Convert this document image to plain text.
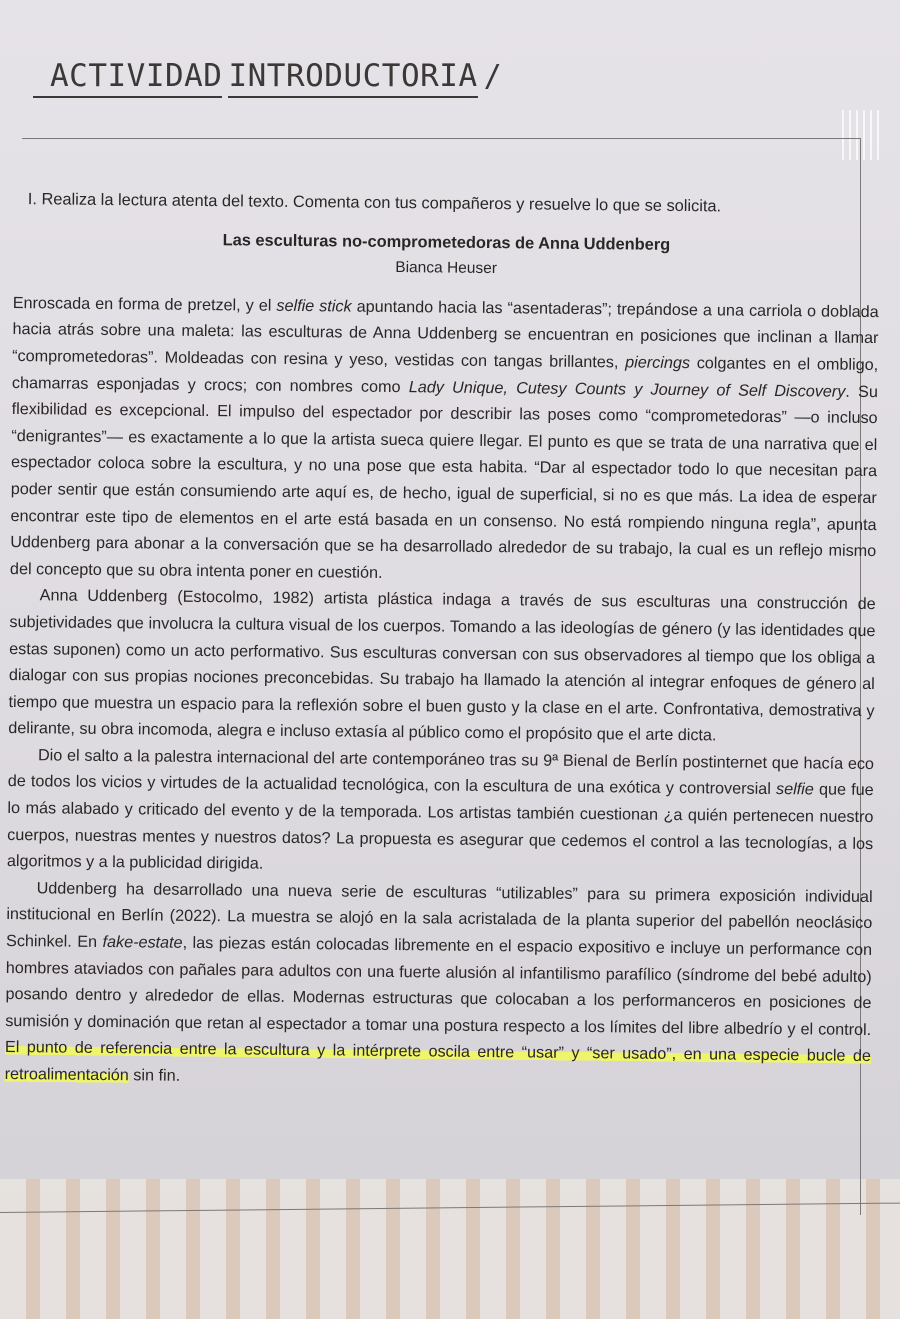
ACTIVIDAD INTRODUCTORIA /

I. Realiza la lectura atenta del texto. Comenta con tus compañeros y resuelve lo que se solicita.

Las esculturas no-comprometedoras de Anna Uddenberg

Bianca Heuser

Enroscada en forma de pretzel, y el selfie stick apuntando hacia las “asentaderas”; trepándose a una carriola o doblada hacia atrás sobre una maleta: las esculturas de Anna Uddenberg se encuentran en posiciones que inclinan a llamar “comprometedoras”. Moldeadas con resina y yeso, vestidas con tangas brillantes, piercings colgantes en el ombligo, chamarras esponjadas y crocs; con nombres como Lady Unique, Cutesy Counts y Journey of Self Discovery. Su flexibilidad es excepcional. El impulso del espectador por describir las poses como “comprometedoras” —o incluso “denigrantes”— es exactamente a lo que la artista sueca quiere llegar. El punto es que se trata de una narrativa que el espectador coloca sobre la escultura, y no una pose que esta habita. “Dar al espectador todo lo que necesitan para poder sentir que están consumiendo arte aquí es, de hecho, igual de superficial, si no es que más. La idea de esperar encontrar este tipo de elementos en el arte está basada en un consenso. No está rompiendo ninguna regla”, apunta Uddenberg para abonar a la conversación que se ha desarrollado alrededor de su trabajo, la cual es un reflejo mismo del concepto que su obra intenta poner en cuestión.

Anna Uddenberg (Estocolmo, 1982) artista plástica indaga a través de sus esculturas una construcción de subjetividades que involucra la cultura visual de los cuerpos. Tomando a las ideologías de género (y las identidades que estas suponen) como un acto performativo. Sus esculturas conversan con sus observadores al tiempo que los obliga a dialogar con sus propias nociones preconcebidas. Su trabajo ha llamado la atención al integrar enfoques de género al tiempo que muestra un espacio para la reflexión sobre el buen gusto y la clase en el arte. Confrontativa, demostrativa y delirante, su obra incomoda, alegra e incluso extasía al público como el propósito que el arte dicta.

Dio el salto a la palestra internacional del arte contemporáneo tras su 9ª Bienal de Berlín postinternet que hacía eco de todos los vicios y virtudes de la actualidad tecnológica, con la escultura de una exótica y controversial selfie que fue lo más alabado y criticado del evento y de la temporada. Los artistas también cuestionan ¿a quién pertenecen nuestro cuerpos, nuestras mentes y nuestros datos? La propuesta es asegurar que cedemos el control a las tecnologías, a los algoritmos y a la publicidad dirigida.

Uddenberg ha desarrollado una nueva serie de esculturas “utilizables” para su primera exposición individual institucional en Berlín (2022). La muestra se alojó en la sala acristalada de la planta superior del pabellón neoclásico Schinkel. En fake-estate, las piezas están colocadas libremente en el espacio expositivo e incluye un performance con hombres ataviados con pañales para adultos con una fuerte alusión al infantilismo parafílico (síndrome del bebé adulto) posando dentro y alrededor de ellas. Modernas estructuras que colocaban a los performanceros en posiciones de sumisión y dominación que retan al espectador a tomar una postura respecto a los límites del libre albedrío y el control. El punto de referencia entre la escultura y la intérprete oscila entre “usar” y “ser usado”, en una especie bucle de retroalimentación sin fin.
